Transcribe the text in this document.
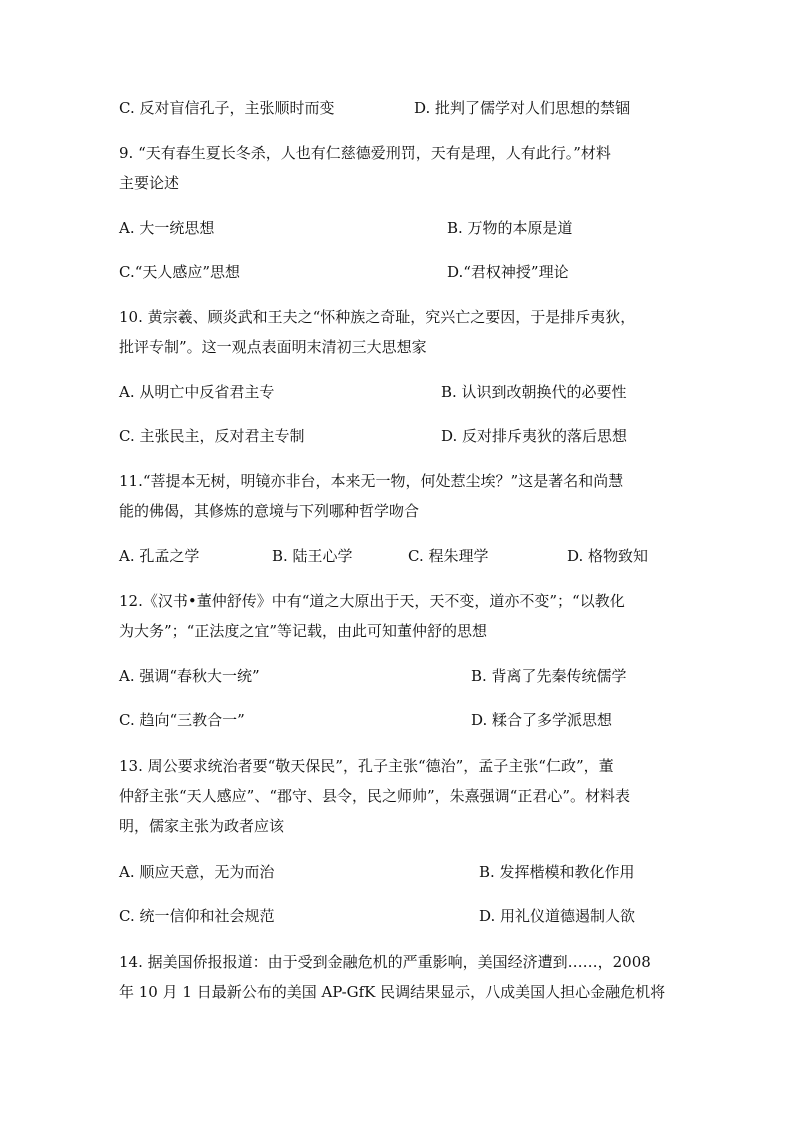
C. 反对盲信孔子，主张顺时而变	D. 批判了儒学对人们思想的禁锢
9. “天有春生夏长冬杀，人也有仁慈德爱刑罚，天有是理，人有此行。”材料
主要论述
A. 大一统思想	B. 万物的本原是道
C.“天人感应”思想	D.“君权神授”理论
10. 黄宗羲、顾炎武和王夫之“怀种族之奇耻，究兴亡之要因，于是排斥夷狄，
批评专制”。这一观点表面明末清初三大思想家
A. 从明亡中反省君主专	B. 认识到改朝换代的必要性
C. 主张民主，反对君主专制	D. 反对排斥夷狄的落后思想
11.“菩提本无树，明镜亦非台，本来无一物，何处惹尘埃？”这是著名和尚慧
能的佛偈，其修炼的意境与下列哪种哲学吻合
A. 孔孟之学	B. 陆王心学	C. 程朱理学	D. 格物致知
12.《汉书•董仲舒传》中有“道之大原出于天，天不变，道亦不变”；“以教化
为大务”；“正法度之宜”等记载，由此可知董仲舒的思想
A. 强调“春秋大一统”	B. 背离了先秦传统儒学
C. 趋向“三教合一”	D. 糅合了多学派思想
13. 周公要求统治者要“敬天保民”，孔子主张“德治”，孟子主张“仁政”，董
仲舒主张“天人感应”、“郡守、县令，民之师帅”，朱熹强调“正君心”。材料表
明，儒家主张为政者应该
A. 顺应天意，无为而治	B. 发挥楷模和教化作用
C. 统一信仰和社会规范	D. 用礼仪道德遏制人欲
14. 据美国侨报报道：由于受到金融危机的严重影响，美国经济遭到……，2008
年 10 月 1 日最新公布的美国 AP-GfK 民调结果显示，八成美国人担心金融危机将
